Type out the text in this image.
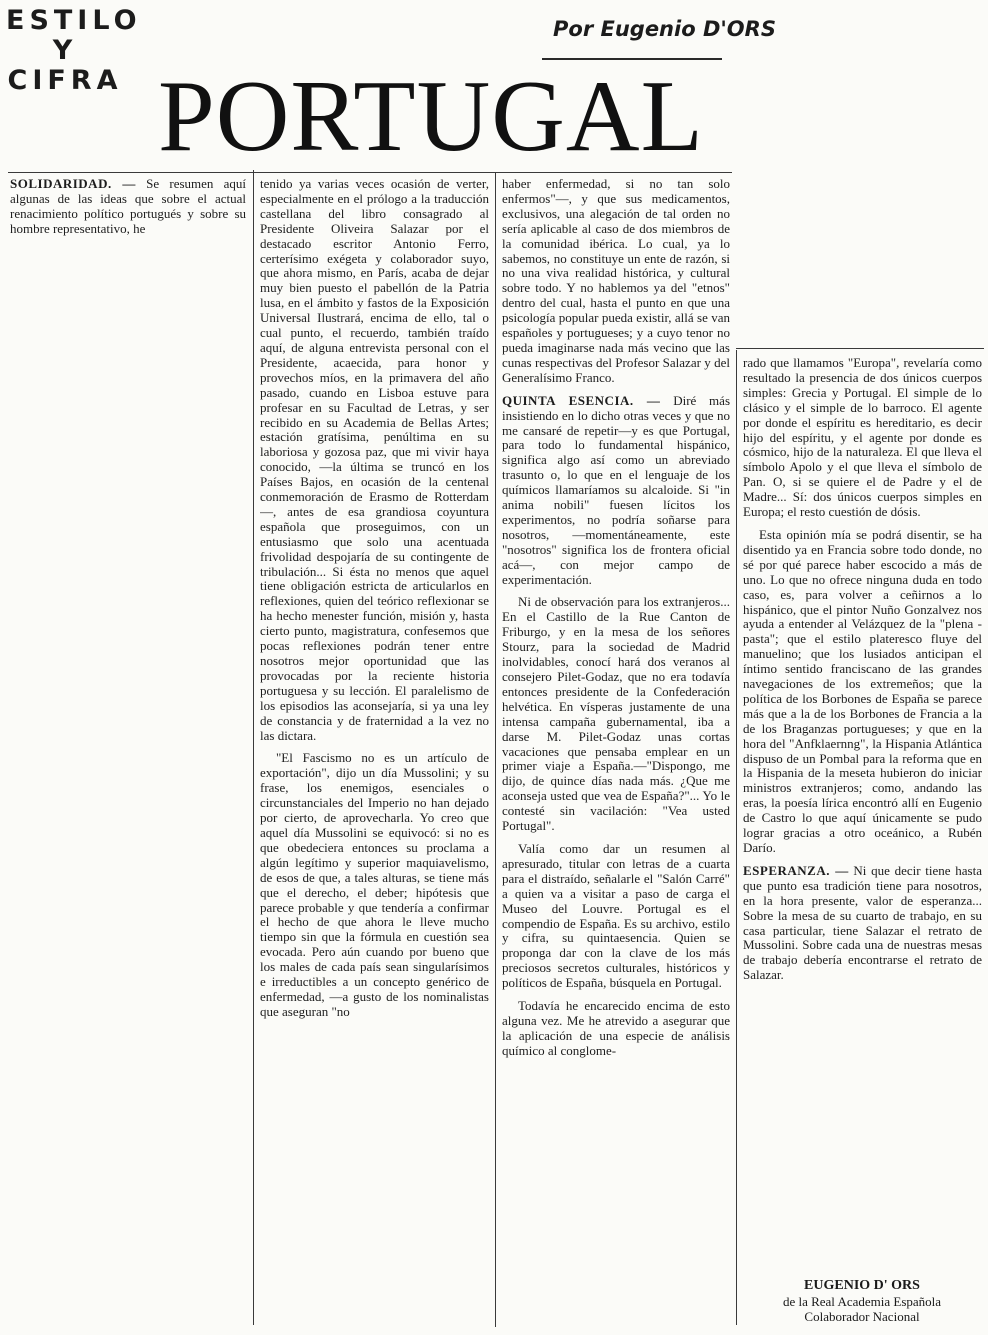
ESTILO
Y
CIFRA
Por Eugenio D'ORS
PORTUGAL

SOLIDARIDAD. — Se resumen aquí algunas de las ideas que sobre el actual renacimiento político portugués y sobre su hombre representativo, he

tenido ya varias veces ocasión de verter, especialmente en el prólogo a la traducción castellana del libro consagrado al Presidente Oliveira Salazar por el destacado escritor Antonio Ferro, certerísimo exégeta y colaborador suyo, que ahora mismo, en París, acaba de dejar muy bien puesto el pabellón de la Patria lusa, en el ámbito y fastos de la Exposición Universal Ilustrará, encima de ello, tal o cual punto, el recuerdo, también traído aquí, de alguna entrevista personal con el Presidente, acaecida, para honor y provechos míos, en la primavera del año pasado, cuando en Lisboa estuve para profesar en su Facultad de Letras, y ser recibido en su Academia de Bellas Artes; estación gratísima, penúltima en su laboriosa y gozosa paz, que mi vivir haya conocido, —la última se truncó en los Países Bajos, en ocasión de la centenal conmemoración de Erasmo de Rotterdam—, antes de esa grandiosa coyuntura española que proseguimos, con un entusiasmo que solo una acentuada frivolidad despojaría de su contingente de tribulación... Si ésta no menos que aquel tiene obligación estricta de articularlos en reflexiones, quien del teórico reflexionar se ha hecho menester función, misión y, hasta cierto punto, magistratura, confesemos que pocas reflexiones podrán tener entre nosotros mejor oportunidad que las provocadas por la reciente historia portuguesa y su lección. El paralelismo de los episodios las aconsejaría, si ya una ley de constancia y de fraternidad a la vez no las dictara.

"El Fascismo no es un artículo de exportación", dijo un día Mussolini; y su frase, los enemigos, esenciales o circunstanciales del Imperio no han dejado por cierto, de aprovecharla. Yo creo que aquel día Mussolini se equivocó: si no es que obedeciera entonces su proclama a algún legítimo y superior maquiavelismo, de esos de que, a tales alturas, se tiene más que el derecho, el deber; hipótesis que parece probable y que tendería a confirmar el hecho de que ahora le lleve mucho tiempo sin que la fórmula en cuestión sea evocada. Pero aún cuando por bueno que los males de cada país sean singularísimos e irreductibles a un concepto genérico de enfermedad, —a gusto de los nominalistas que aseguran "no

haber enfermedad, si no tan solo enfermos"—, y que sus medicamentos, exclusivos, una alegación de tal orden no sería aplicable al caso de dos miembros de la comunidad ibérica. Lo cual, ya lo sabemos, no constituye un ente de razón, si no una viva realidad histórica, y cultural sobre todo. Y no hablemos ya del "etnos" dentro del cual, hasta el punto en que una psicología popular pueda existir, allá se van españoles y portugueses; y a cuyo tenor no pueda imaginarse nada más vecino que las cunas respectivas del Profesor Salazar y del Generalísimo Franco.

QUINTA ESENCIA. — Diré más insistiendo en lo dicho otras veces y que no me cansaré de repetir—y es que Portugal, para todo lo fundamental hispánico, significa algo así como un abreviado trasunto o, lo que en el lenguaje de los químicos llamaríamos su alcaloide. Si "in anima nobili" fuesen lícitos los experimentos, no podría soñarse para nosotros, —momentáneamente, este "nosotros" significa los de frontera oficial acá—, con mejor campo de experimentación.

Ni de observación para los extranjeros... En el Castillo de la Rue Canton de Friburgo, y en la mesa de los señores Stourz, para la sociedad de Madrid inolvidables, conocí hará dos veranos al consejero Pilet-Godaz, que no era todavía entonces presidente de la Confederación helvética. En vísperas justamente de una intensa campaña gubernamental, iba a darse M. Pilet-Godaz unas cortas vacaciones que pensaba emplear en un primer viaje a España.—"Dispongo, me dijo, de quince días nada más. ¿Que me aconseja usted que vea de España?"... Yo le contesté sin vacilación: "Vea usted Portugal".

Valía como dar un resumen al apresurado, titular con letras de a cuarta para el distraído, señalarle el "Salón Carré" a quien va a visitar a paso de carga el Museo del Louvre. Portugal es el compendio de España. Es su archivo, estilo y cifra, su quintaesencia. Quien se proponga dar con la clave de los más preciosos secretos culturales, históricos y políticos de España, búsquela en Portugal.

Todavía he encarecido encima de esto alguna vez. Me he atrevido a asegurar que la aplicación de una especie de análisis químico al conglome-

rado que llamamos "Europa", revelaría como resultado la presencia de dos únicos cuerpos simples: Grecia y Portugal. El simple de lo clásico y el simple de lo barroco. El agente por donde el espíritu es hereditario, es decir hijo del espíritu, y el agente por donde es cósmico, hijo de la naturaleza. El que lleva el símbolo Apolo y el que lleva el símbolo de Pan. O, si se quiere el de Padre y el de Madre... Sí: dos únicos cuerpos simples en Europa; el resto cuestión de dósis.

Esta opinión mía se podrá disentir, se ha disentido ya en Francia sobre todo donde, no sé por qué parece haber escocido a más de uno. Lo que no ofrece ninguna duda en todo caso, es, para volver a ceñirnos a lo hispánico, que el pintor Nuño Gonzalvez nos ayuda a entender al Velázquez de la "plena - pasta"; que el estilo plateresco fluye del manuelino; que los lusiados anticipan el íntimo sentido franciscano de las grandes navegaciones de los extremeños; que la política de los Borbones de España se parece más que a la de los Borbones de Francia a la de los Braganzas portugueses; y que en la hora del "Anfklaernng", la Hispania Atlántica dispuso de un Pombal para la reforma que en la Hispania de la meseta hubieron do iniciar ministros extranjeros; como, andando las eras, la poesía lírica encontró allí en Eugenio de Castro lo que aquí únicamente se pudo lograr gracias a otro oceánico, a Rubén Darío.

ESPERANZA. — Ni que decir tiene hasta que punto esa tradición tiene para nosotros, en la hora presente, valor de esperanza... Sobre la mesa de su cuarto de trabajo, en su casa particular, tiene Salazar el retrato de Mussolini. Sobre cada una de nuestras mesas de trabajo debería encontrarse el retrato de Salazar.

EUGENIO D' ORS
de la Real Academia Española
Colaborador Nacional
